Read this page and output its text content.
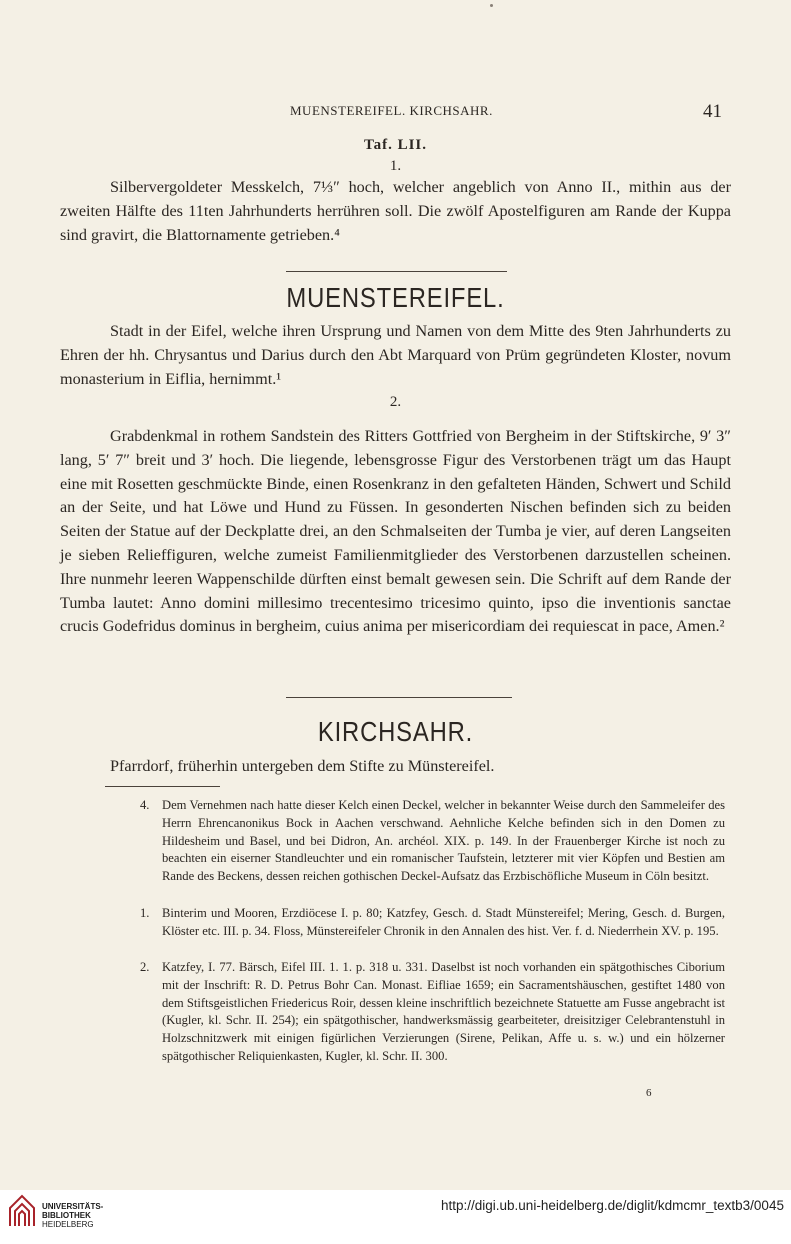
MUENSTEREIFEL. KIRCHSAHR.	41
Taf. LII.
1.

Silbervergoldeter Messkelch, 7⅓″ hoch, welcher angeblich von Anno II., mithin aus der zweiten Hälfte des 11ten Jahrhunderts herrühren soll. Die zwölf Apostelfiguren am Rande der Kuppa sind gravirt, die Blattornamente getrieben.⁴

MUENSTEREIFEL.

Stadt in der Eifel, welche ihren Ursprung und Namen von dem Mitte des 9ten Jahrhunderts zu Ehren der hh. Chrysantus und Darius durch den Abt Marquard von Prüm gegründeten Kloster, novum monasterium in Eiflia, hernimmt.¹

2.

Grabdenkmal in rothem Sandstein des Ritters Gottfried von Bergheim in der Stiftskirche, 9′ 3″ lang, 5′ 7″ breit und 3′ hoch. Die liegende, lebensgrosse Figur des Verstorbenen trägt um das Haupt eine mit Rosetten geschmückte Binde, einen Rosenkranz in den gefalteten Händen, Schwert und Schild an der Seite, und hat Löwe und Hund zu Füssen. In gesonderten Nischen befinden sich zu beiden Seiten der Statue auf der Deckplatte drei, an den Schmalseiten der Tumba je vier, auf deren Langseiten je sieben Relieffiguren, welche zumeist Familienmitglieder des Verstorbenen darzustellen scheinen. Ihre nunmehr leeren Wappenschilde dürften einst bemalt gewesen sein. Die Schrift auf dem Rande der Tumba lautet: Anno domini millesimo trecentesimo tricesimo quinto, ipso die inventionis sanctae crucis Godefridus dominus in bergheim, cuius anima per misericordiam dei requiescat in pace, Amen.²

KIRCHSAHR.

Pfarrdorf, früherhin untergeben dem Stifte zu Münstereifel.

4. Dem Vernehmen nach hatte dieser Kelch einen Deckel, welcher in bekannter Weise durch den Sammeleifer des Herrn Ehrencanonikus Bock in Aachen verschwand. Aehnliche Kelche befinden sich in den Domen zu Hildesheim und Basel, und bei Didron, An. archéol. XIX. p. 149. In der Frauenberger Kirche ist noch zu beachten ein eiserner Standleuchter und ein romanischer Taufstein, letzterer mit vier Köpfen und Bestien am Rande des Beckens, dessen reichen gothischen Deckel-Aufsatz das Erzbischöfliche Museum in Cöln besitzt.
1. Binterim und Mooren, Erzdiöcese I. p. 80; Katzfey, Gesch. d. Stadt Münstereifel; Mering, Gesch. d. Burgen, Klöster etc. III. p. 34. Floss, Münstereifeler Chronik in den Annalen des hist. Ver. f. d. Niederrhein XV. p. 195.
2. Katzfey, I. 77. Bärsch, Eifel III. 1. 1. p. 318 u. 331. Daselbst ist noch vorhanden ein spätgothisches Ciborium mit der Inschrift: R. D. Petrus Bohr Can. Monast. Eifliae 1659; ein Sacramentshäuschen, gestiftet 1480 von dem Stiftsgeistlichen Friedericus Roir, dessen kleine inschriftlich bezeichnete Statuette am Fusse angebracht ist (Kugler, kl. Schr. II. 254); ein spätgothischer, handwerksmässig gearbeiteter, dreisitziger Celebrantenstuhl in Holzschnitzwerk mit einigen figürlichen Verzierungen (Sirene, Pelikan, Affe u. s. w.) und ein hölzerner spätgothischer Reliquienkasten, Kugler, kl. Schr. II. 300.
6
UNIVERSITÄTS-
BIBLIOTHEK
HEIDELBERG
http://digi.ub.uni-heidelberg.de/diglit/kdmcmr_textb3/0045
